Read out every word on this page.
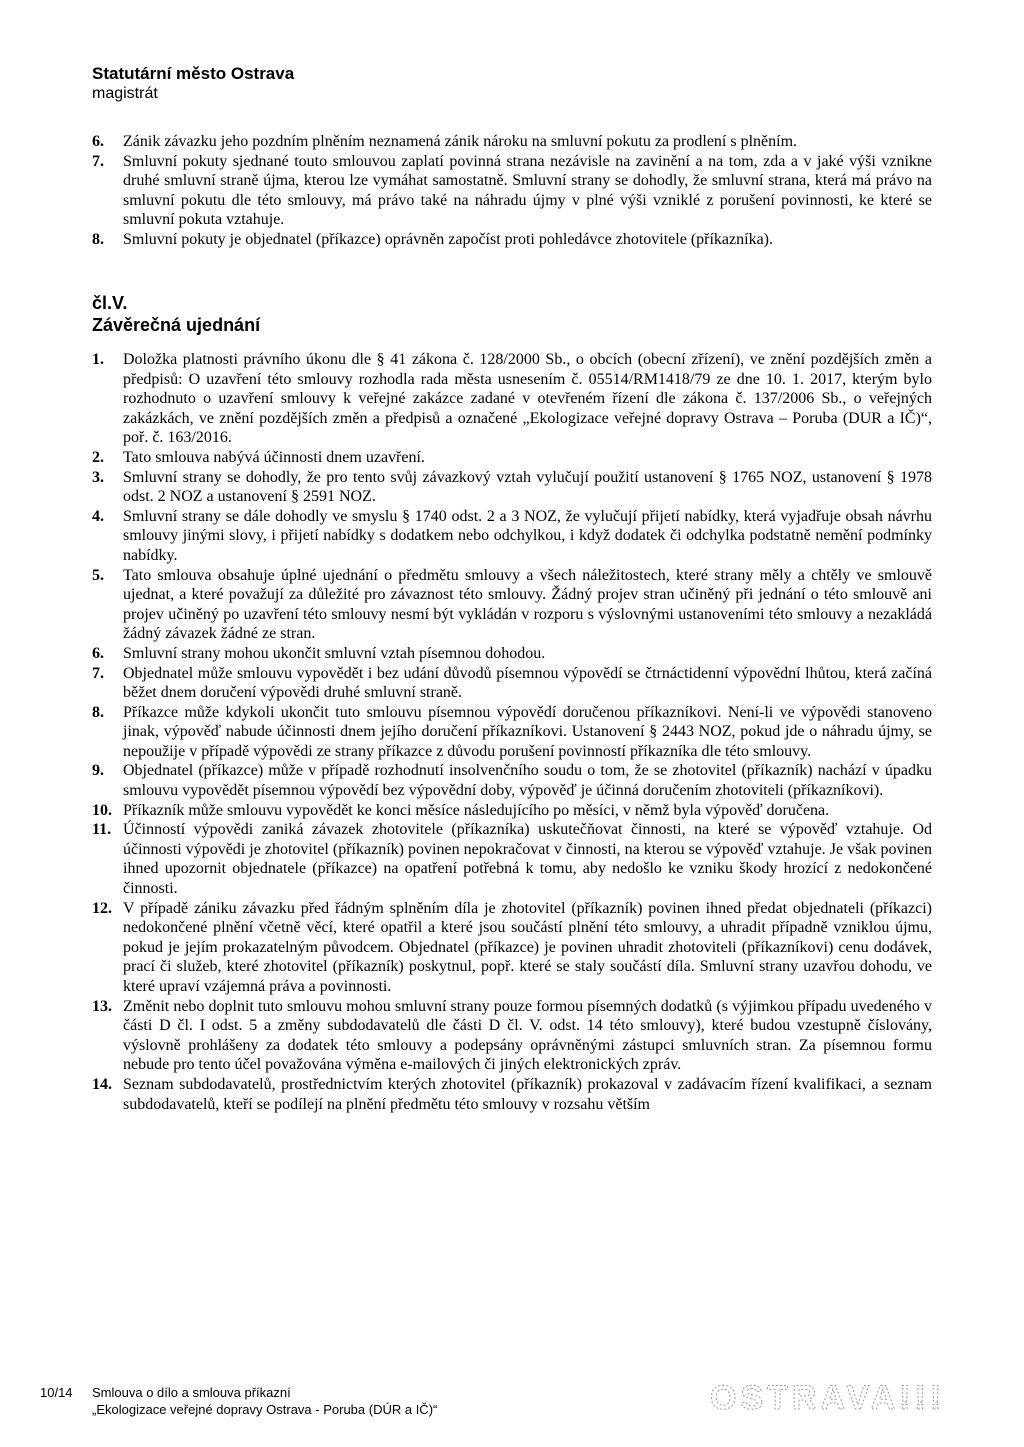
Statutární město Ostrava
magistrát
6. Zánik závazku jeho pozdním plněním neznamená zánik nároku na smluvní pokutu za prodlení s plněním.
7. Smluvní pokuty sjednané touto smlouvou zaplatí povinná strana nezávisle na zavinění a na tom, zda a v jaké výši vznikne druhé smluvní straně újma, kterou lze vymáhat samostatně. Smluvní strany se dohodly, že smluvní strana, která má právo na smluvní pokutu dle této smlouvy, má právo také na náhradu újmy v plné výši vzniklé z porušení povinnosti, ke které se smluvní pokuta vztahuje.
8. Smluvní pokuty je objednatel (příkazce) oprávněn započíst proti pohledávce zhotovitele (příkazníka).
čl.V.
Závěrečná ujednání
1. Doložka platnosti právního úkonu dle § 41 zákona č. 128/2000 Sb., o obcích (obecní zřízení), ve znění pozdějších změn a předpisů: O uzavření této smlouvy rozhodla rada města usnesením č. 05514/RM1418/79 ze dne 10. 1. 2017, kterým bylo rozhodnuto o uzavření smlouvy k veřejné zakázce zadané v otevřeném řízení dle zákona č. 137/2006 Sb., o veřejných zakázkách, ve znění pozdějších změn a předpisů a označené „Ekologizace veřejné dopravy Ostrava – Poruba (DUR a IČ)“, poř. č. 163/2016.
2. Tato smlouva nabývá účinnosti dnem uzavření.
3. Smluvní strany se dohodly, že pro tento svůj závazkový vztah vylučují použití ustanovení § 1765 NOZ, ustanovení § 1978 odst. 2 NOZ a ustanovení § 2591 NOZ.
4. Smluvní strany se dále dohodly ve smyslu § 1740 odst. 2 a 3 NOZ, že vylučují přijetí nabídky, která vyjadřuje obsah návrhu smlouvy jinými slovy, i přijetí nabídky s dodatkem nebo odchylkou, i když dodatek či odchylka podstatně nemění podmínky nabídky.
5. Tato smlouva obsahuje úplné ujednání o předmětu smlouvy a všech náležitostech, které strany měly a chtěly ve smlouvě ujednat, a které považují za důležité pro závaznost této smlouvy. Žádný projev stran učiněný při jednání o této smlouvě ani projev učiněný po uzavření této smlouvy nesmí být vykládán v rozporu s výslovnými ustanoveními této smlouvy a nezakládá žádný závazek žádné ze stran.
6. Smluvní strany mohou ukončit smluvní vztah písemnou dohodou.
7. Objednatel může smlouvu vypovědět i bez udání důvodů písemnou výpovědí se čtrnáctidenní výpovědní lhůtou, která začíná běžet dnem doručení výpovědi druhé smluvní straně.
8. Příkazce může kdykoli ukončit tuto smlouvu písemnou výpovědí doručenou příkazníkovi. Není-li ve výpovědi stanoveno jinak, výpověď nabude účinnosti dnem jejího doručení příkazníkovi. Ustanovení § 2443 NOZ, pokud jde o náhradu újmy, se nepoužije v případě výpovědi ze strany příkazce z důvodu porušení povinností příkazníka dle této smlouvy.
9. Objednatel (příkazce) může v případě rozhodnutí insolvenčního soudu o tom, že se zhotovitel (příkazník) nachází v úpadku smlouvu vypovědět písemnou výpovědí bez výpovědní doby, výpověď je účinná doručením zhotoviteli (příkazníkovi).
10. Příkazník může smlouvu vypovědět ke konci měsíce následujícího po měsíci, v němž byla výpověď doručena.
11. Účinností výpovědi zaniká závazek zhotovitele (příkazníka) uskutečňovat činnosti, na které se výpověď vztahuje. Od účinnosti výpovědi je zhotovitel (příkazník) povinen nepokračovat v činnosti, na kterou se výpověď vztahuje. Je však povinen ihned upozornit objednatele (příkazce) na opatření potřebná k tomu, aby nedošlo ke vzniku škody hrozící z nedokončené činnosti.
12. V případě zániku závazku před řádným splněním díla je zhotovitel (příkazník) povinen ihned předat objednateli (příkazci) nedokončené plnění včetně věcí, které opatřil a které jsou součástí plnění této smlouvy, a uhradit případně vzniklou újmu, pokud je jejím prokazatelným původcem. Objednatel (příkazce) je povinen uhradit zhotoviteli (příkazníkovi) cenu dodávek, prací či služeb, které zhotovitel (příkazník) poskytnul, popř. které se staly součástí díla. Smluvní strany uzavřou dohodu, ve které upraví vzájemná práva a povinnosti.
13. Změnit nebo doplnit tuto smlouvu mohou smluvní strany pouze formou písemných dodatků (s výjimkou případu uvedeného v části D čl. I odst. 5 a změny subdodavatelů dle části D čl. V. odst. 14 této smlouvy), které budou vzestupně číslovány, výslovně prohlášeny za dodatek této smlouvy a podepsány oprávněnými zástupci smluvních stran. Za písemnou formu nebude pro tento účel považována výměna e-mailových či jiných elektronických zpráv.
14. Seznam subdodavatelů, prostřednictvím kterých zhotovitel (příkazník) prokazoval v zadávacím řízení kvalifikaci, a seznam subdodavatelů, kteří se podílejí na plnění předmětu této smlouvy v rozsahu větším
10/14 Smlouva o dílo a smlouva příkazní
„Ekologizace veřejné dopravy Ostrava - Poruba (DÚR a IČ)“	OSTRAVA!!!
